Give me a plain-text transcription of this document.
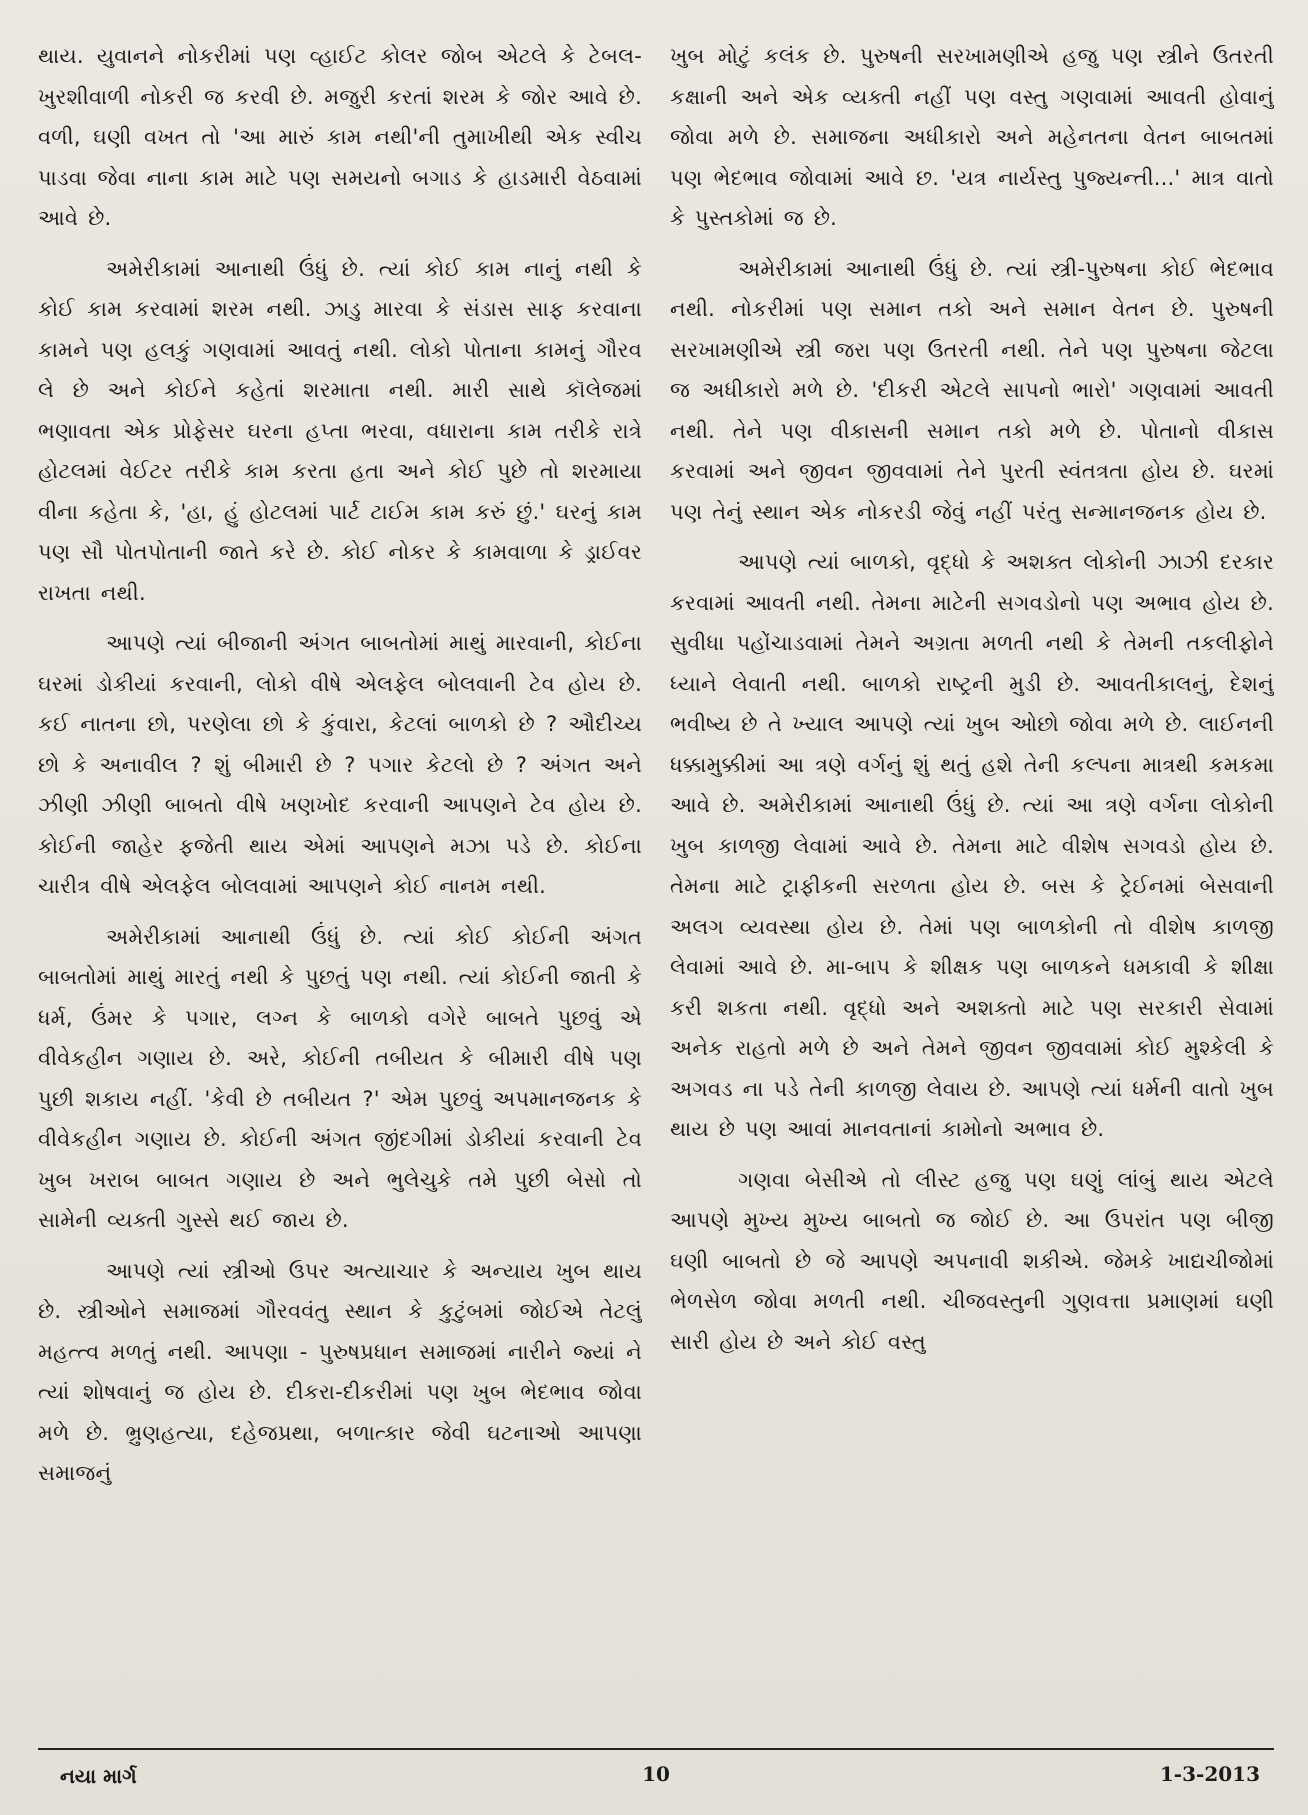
થાય. યુવાનને નોકરીમાં પણ વ્હાઈટ કોલર જોબ એટલે કે ટેબલ-ખુરશીવાળી નોકરી જ કરવી છે. મજુરી કરતાં શરમ કે જોર આવે છે. વળી, ઘણી વખત તો 'આ મારું કામ નથી'ની તુમાખીથી એક સ્વીચ પાડવા જેવા નાના કામ માટે પણ સમયનો બગાડ કે હાડમારી વેઠવામાં આવે છે.

અમેરીકામાં આનાથી ઉંધું છે. ત્યાં કોઈ કામ નાનું નથી કે કોઈ કામ કરવામાં શરમ નથી. ઝાડુ મારવા કે સંડાસ સાફ કરવાના કામને પણ હલકું ગણવામાં આવતું નથી. લોકો પોતાના કામનું ગૌરવ લે છે અને કોઈને કહેતાં શરમાતા નથી. મારી સાથે કૉલેજમાં ભણાવતા એક પ્રોફેસર ઘરના હપ્તા ભરવા, વધારાના કામ તરીકે રાત્રે હોટલમાં વેઈટર તરીકે કામ કરતા હતા અને કોઈ પુછે તો શરમાયા વીના કહેતા કે, 'હા, હું હોટલમાં પાર્ટ ટાઈમ કામ કરું છું.' ઘરનું કામ પણ સૌ પોતપોતાની જાતે કરે છે. કોઈ નોકર કે કામવાળા કે ડ્રાઈવર રાખતા નથી.

આપણે ત્યાં બીજાની અંગત બાબતોમાં માથું મારવાની, કોઈના ઘરમાં ડોકીયાં કરવાની, લોકો વીષે એલફેલ બોલવાની ટેવ હોય છે. કઈ નાતના છો, પરણેલા છો કે કુંવારા, કેટલાં બાળકો છે ? ઔદીચ્ય છો કે અનાવીલ ? શું બીમારી છે ? પગાર કેટલો છે ? અંગત અને ઝીણી ઝીણી બાબતો વીષે ખણખોદ કરવાની આપણને ટેવ હોય છે. કોઈની જાહેર ફજેતી થાય એમાં આપણને મઝા પડે છે. કોઈના ચારીત્ર વીષે એલફેલ બોલવામાં આપણને કોઈ નાનમ નથી.

અમેરીકામાં આનાથી ઉંધું છે. ત્યાં કોઈ કોઈની અંગત બાબતોમાં માથું મારતું નથી કે પુછતું પણ નથી. ત્યાં કોઈની જાતી કે ધર્મ, ઉંમર કે પગાર, લગ્ન કે બાળકો વગેરે બાબતે પુછવું એ વીવેકહીન ગણાય છે. અરે, કોઈની તબીયત કે બીમારી વીષે પણ પુછી શકાય નહીં. 'કેવી છે તબીયત ?' એમ પુછવું અપમાનજનક કે વીવેકહીન ગણાય છે. કોઈની અંગત જીંદગીમાં ડોકીયાં કરવાની ટેવ ખુબ ખરાબ બાબત ગણાય છે અને ભુલેચુકે તમે પુછી બેસો તો સામેની વ્યક્તી ગુસ્સે થઈ જાય છે.

આપણે ત્યાં સ્ત્રીઓ ઉપર અત્યાચાર કે અન્યાય ખુબ થાય છે. સ્ત્રીઓને સમાજમાં ગૌરવવંતુ સ્થાન કે કુટુંબમાં જોઈએ તેટલું મહત્ત્વ મળતું નથી. આપણા - પુરુષપ્રધાન સમાજમાં નારીને જ્યાં ને ત્યાં શોષવાનું જ હોય છે. દીકરા-દીકરીમાં પણ ખુબ ભેદભાવ જોવા મળે છે. ભ્રુણહત્યા, દહેજપ્રથા, બળાત્કાર જેવી ઘટનાઓ આપણા સમાજનું

ખુબ મોટું કલંક છે. પુરુષની સરખામણીએ હજુ પણ સ્ત્રીને ઉતરતી કક્ષાની અને એક વ્યક્તી નહીં પણ વસ્તુ ગણવામાં આવતી હોવાનું જોવા મળે છે. સમાજના અધીકારો અને મહેનતના વેતન બાબતમાં પણ ભેદભાવ જોવામાં આવે છ. 'યત્ર નાર્યસ્તુ પુજ્યન્તી...' માત્ર વાતો કે પુસ્તકોમાં જ છે.

અમેરીકામાં આનાથી ઉંધું છે. ત્યાં સ્ત્રી-પુરુષના કોઈ ભેદભાવ નથી. નોકરીમાં પણ સમાન તકો અને સમાન વેતન છે. પુરુષની સરખામણીએ સ્ત્રી જરા પણ ઉતરતી નથી. તેને પણ પુરુષના જેટલા જ અધીકારો મળે છે. 'દીકરી એટલે સાપનો ભારો' ગણવામાં આવતી નથી. તેને પણ વીકાસની સમાન તકો મળે છે. પોતાનો વીકાસ કરવામાં અને જીવન જીવવામાં તેને પુરતી સ્વંતત્રતા હોય છે. ઘરમાં પણ તેનું સ્થાન એક નોકરડી જેવું નહીં પરંતુ સન્માનજનક હોય છે.

આપણે ત્યાં બાળકો, વૃદ્ધો કે અશક્ત લોકોની ઝાઝી દરકાર કરવામાં આવતી નથી. તેમના માટેની સગવડોનો પણ અભાવ હોય છે. સુવીધા પહોંચાડવામાં તેમને અગ્રતા મળતી નથી કે તેમની તકલીફોને ધ્યાને લેવાતી નથી. બાળકો રાષ્ટ્રની મુડી છે. આવતીકાલનું, દેશનું ભવીષ્ય છે તે ખ્યાલ આપણે ત્યાં ખુબ ઓછો જોવા મળે છે. લાઈનની ધક્કામુક્કીમાં આ ત્રણે વર્ગનું શું થતું હશે તેની કલ્પના માત્રથી કમકમા આવે છે. અમેરીકામાં આનાથી ઉંધું છે. ત્યાં આ ત્રણે વર્ગના લોકોની ખુબ કાળજી લેવામાં આવે છે. તેમના માટે વીશેષ સગવડો હોય છે. તેમના માટે ટ્રાફીકની સરળતા હોય છે. બસ કે ટ્રેઈનમાં બેસવાની અલગ વ્યવસ્થા હોય છે. તેમાં પણ બાળકોની તો વીશેષ કાળજી લેવામાં આવે છે. મા-બાપ કે શીક્ષક પણ બાળકને ધમકાવી કે શીક્ષા કરી શકતા નથી. વૃદ્ધો અને અશક્તો માટે પણ સરકારી સેવામાં અનેક રાહતો મળે છે અને તેમને જીવન જીવવામાં કોઈ મુશ્કેલી કે અગવડ ના પડે તેની કાળજી લેવાય છે. આપણે ત્યાં ધર્મની વાતો ખુબ થાય છે પણ આવાં માનવતાનાં કામોનો અભાવ છે.

ગણવા બેસીએ તો લીસ્ટ હજુ પણ ઘણું લાંબું થાય એટલે આપણે મુખ્ય મુખ્ય બાબતો જ જોઈ છે. આ ઉપરાંત પણ બીજી ઘણી બાબતો છે જે આપણે અપનાવી શકીએ. જેમકે ખાદ્યચીજોમાં ભેળસેળ જોવા મળતી નથી. ચીજવસ્તુની ગુણવત્તા પ્રમાણમાં ઘણી સારી હોય છે અને કોઈ વસ્તુ

નયા માર્ગ	10	1-3-2013
